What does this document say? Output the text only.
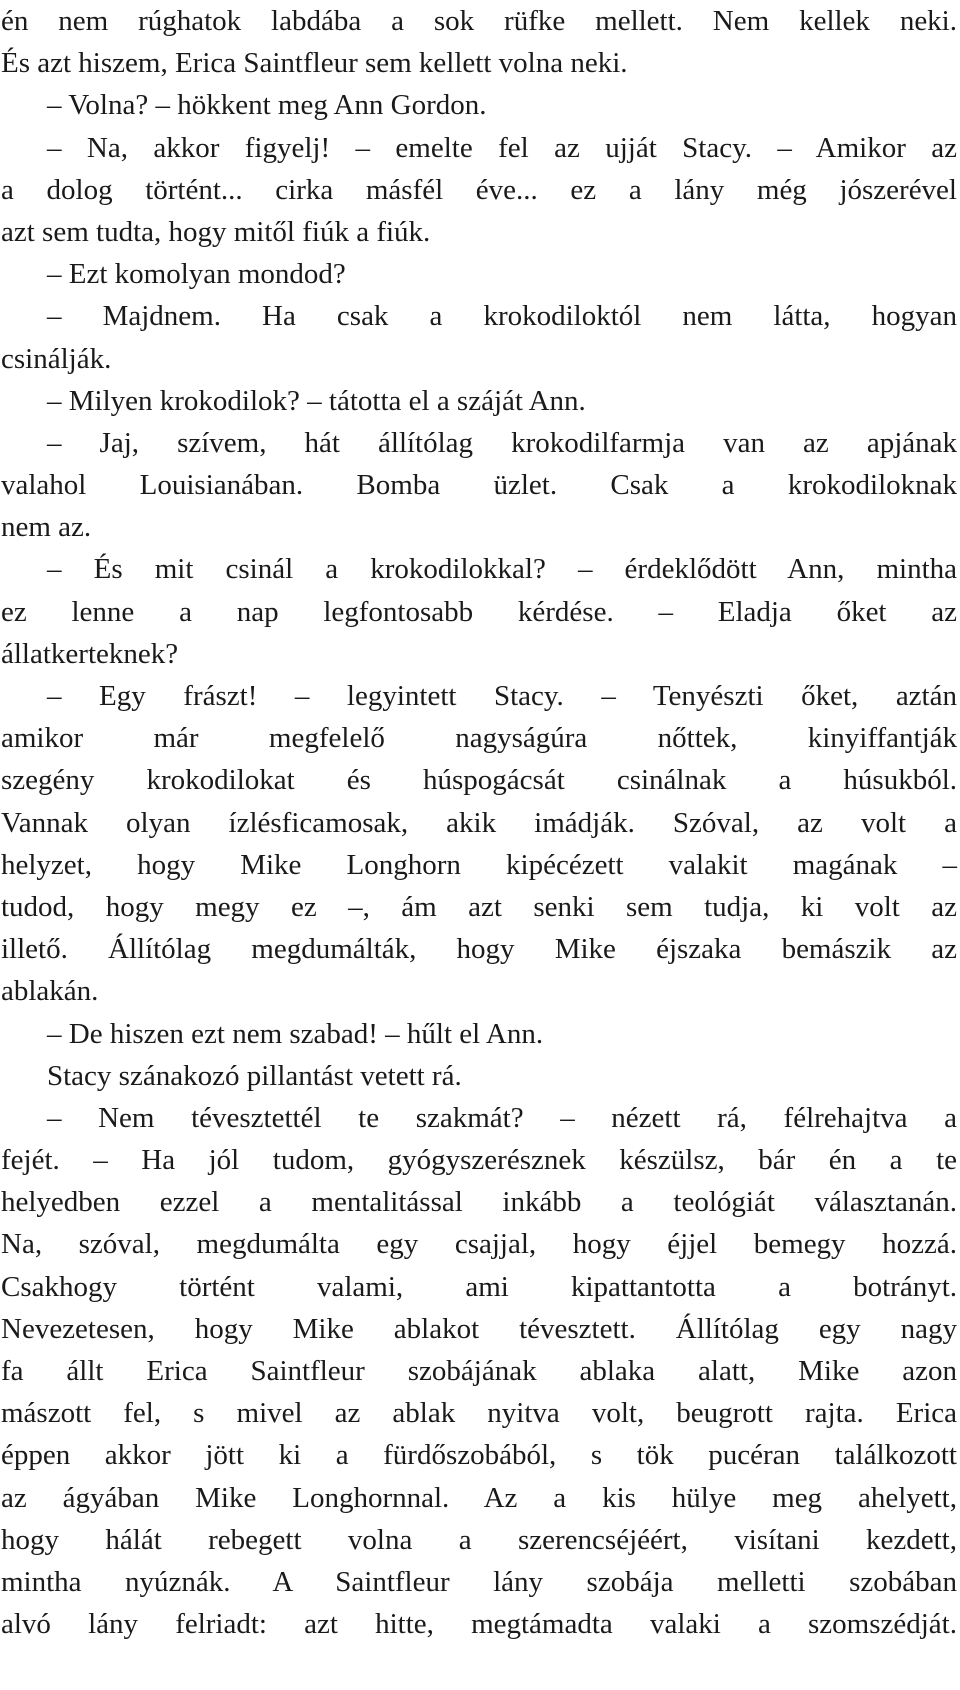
én nem rúghatok labdába a sok rüfke mellett. Nem kellek neki.
És azt hiszem, Erica Saintfleur sem kellett volna neki.
– Volna? – hökkent meg Ann Gordon.
– Na, akkor figyelj! – emelte fel az ujját Stacy. – Amikor az
a dolog történt... cirka másfél éve... ez a lány még jószerével
azt sem tudta, hogy mitől fiúk a fiúk.
– Ezt komolyan mondod?
– Majdnem. Ha csak a krokodiloktól nem látta, hogyan
csinálják.
– Milyen krokodilok? – tátotta el a száját Ann.
– Jaj, szívem, hát állítólag krokodilfarmja van az apjának
valahol Louisianában. Bomba üzlet. Csak a krokodiloknak
nem az.
– És mit csinál a krokodilokkal? – érdeklődött Ann, mintha
ez lenne a nap legfontosabb kérdése. – Eladja őket az
állatkerteknek?
– Egy frászt! – legyintett Stacy. – Tenyészti őket, aztán
amikor már megfelelő nagyságúra nőttek, kinyiffantják
szegény krokodilokat és húspogácsát csinálnak a húsukból.
Vannak olyan ízlésficamosak, akik imádják. Szóval, az volt a
helyzet, hogy Mike Longhorn kipécézett valakit magának –
tudod, hogy megy ez –, ám azt senki sem tudja, ki volt az
illető. Állítólag megdumálták, hogy Mike éjszaka bemászik az
ablakán.
– De hiszen ezt nem szabad! – hűlt el Ann.
Stacy szánakozó pillantást vetett rá.
– Nem tévesztettél te szakmát? – nézett rá, félrehajtva a
fejét. – Ha jól tudom, gyógyszerésznek készülsz, bár én a te
helyedben ezzel a mentalitással inkább a teológiát választanán.
Na, szóval, megdumálta egy csajjal, hogy éjjel bemegy hozzá.
Csakhogy történt valami, ami kipattantotta a botrányt.
Nevezetesen, hogy Mike ablakot tévesztett. Állítólag egy nagy
fa állt Erica Saintfleur szobájának ablaka alatt, Mike azon
mászott fel, s mivel az ablak nyitva volt, beugrott rajta. Erica
éppen akkor jött ki a fürdőszobából, s tök pucéran találkozott
az ágyában Mike Longhornnal. Az a kis hülye meg ahelyett,
hogy hálát rebegett volna a szerencséjéért, visítani kezdett,
mintha nyúznák. A Saintfleur lány szobája melletti szobában
alvó lány felriadt: azt hitte, megtámadta valaki a szomszédját.
